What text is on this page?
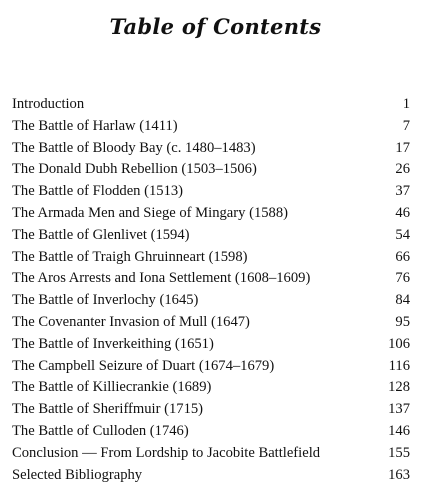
Table of Contents
Introduction	1
The Battle of Harlaw (1411)	7
The Battle of Bloody Bay (c. 1480–1483)	17
The Donald Dubh Rebellion (1503–1506)	26
The Battle of Flodden (1513)	37
The Armada Men and Siege of Mingary (1588)	46
The Battle of Glenlivet (1594)	54
The Battle of Traigh Ghruinneart (1598)	66
The Aros Arrests and Iona Settlement (1608–1609)	76
The Battle of Inverlochy (1645)	84
The Covenanter Invasion of Mull (1647)	95
The Battle of Inverkeithing (1651)	106
The Campbell Seizure of Duart (1674–1679)	116
The Battle of Killiecrankie (1689)	128
The Battle of Sheriffmuir (1715)	137
The Battle of Culloden (1746)	146
Conclusion — From Lordship to Jacobite Battlefield	155
Selected Bibliography	163
